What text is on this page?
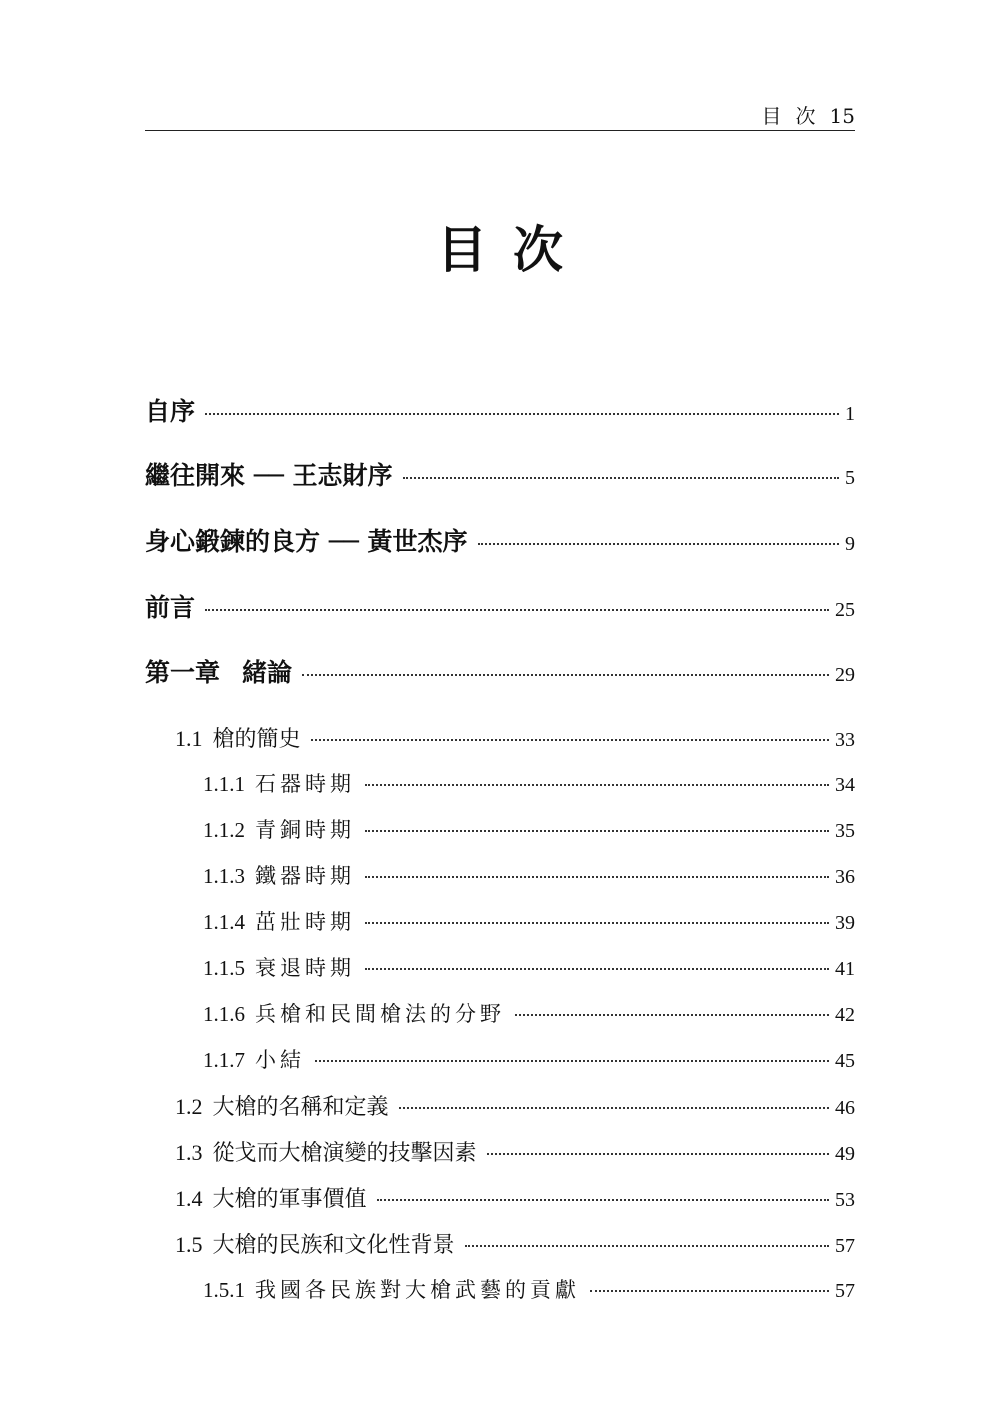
目次15
目次
自序	1
繼往開來 ── 王志財序	5
身心鍛鍊的良方 ── 黃世杰序	9
前言	25
第一章 緒論	29
1.1 槍的簡史	33
1.1.1 石器時期	34
1.1.2 青銅時期	35
1.1.3 鐵器時期	36
1.1.4 茁壯時期	39
1.1.5 衰退時期	41
1.1.6 兵槍和民間槍法的分野	42
1.1.7 小結	45
1.2 大槍的名稱和定義	46
1.3 從戈而大槍演變的技擊因素	49
1.4 大槍的軍事價值	53
1.5 大槍的民族和文化性背景	57
1.5.1 我國各民族對大槍武藝的貢獻	57
